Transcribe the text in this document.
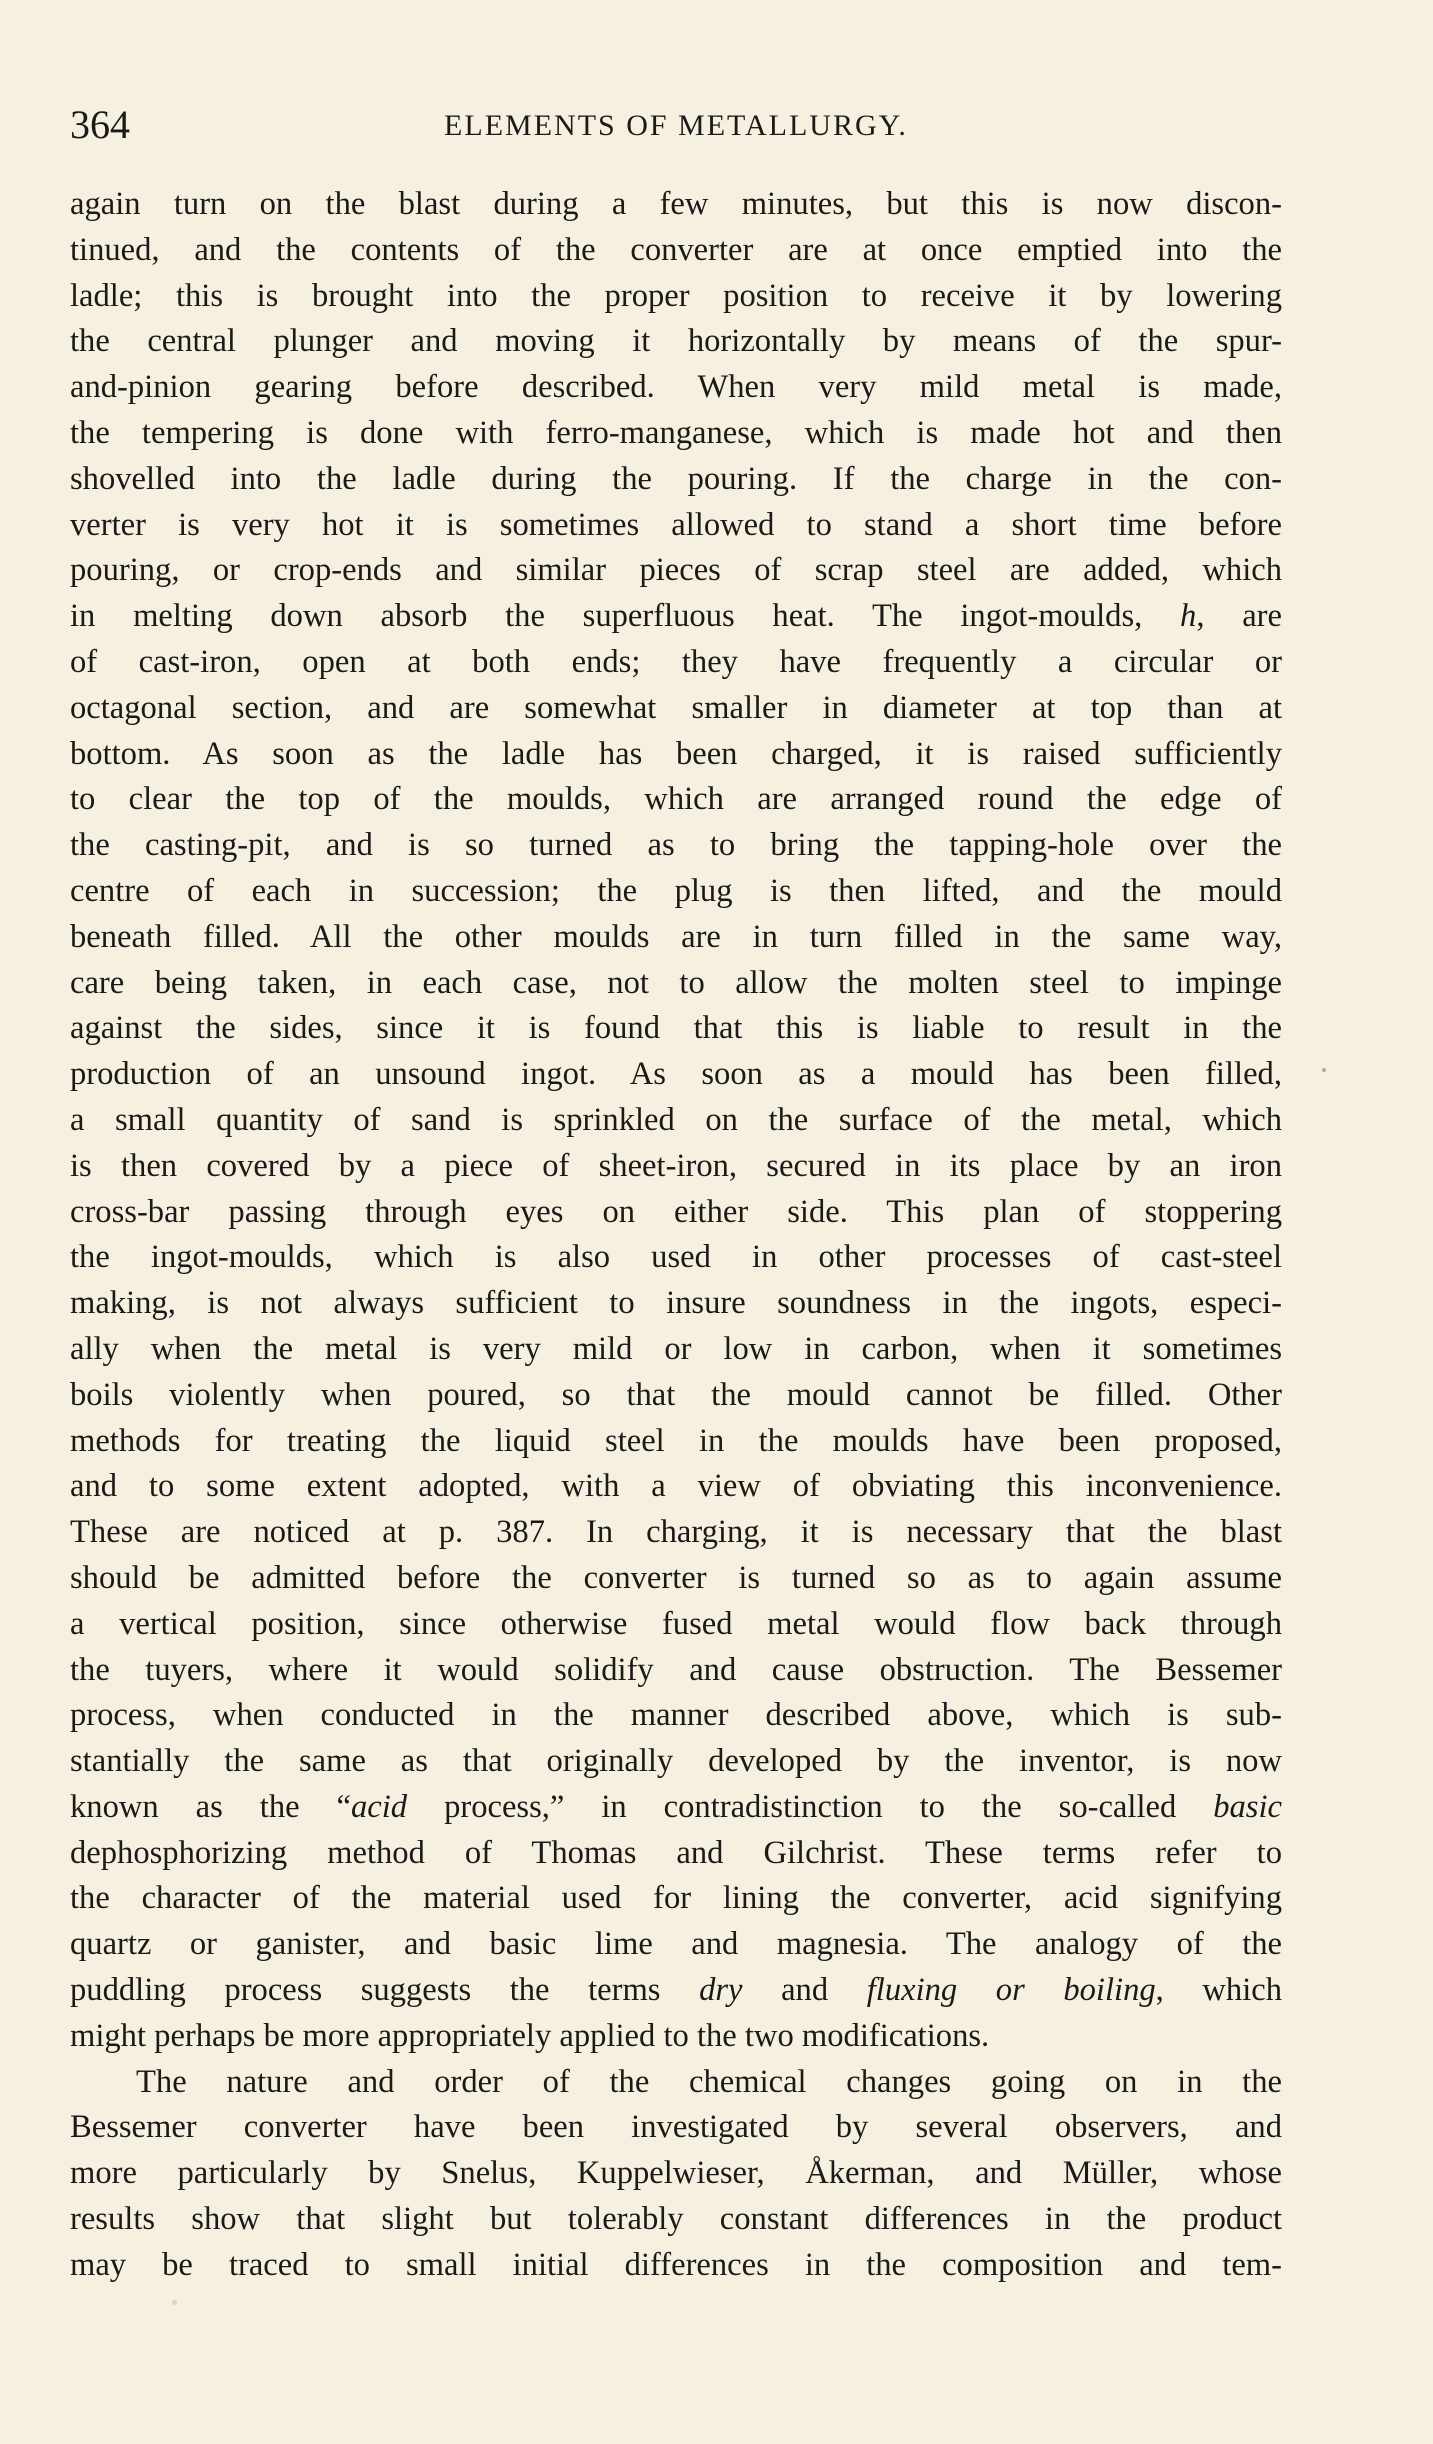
364	ELEMENTS OF METALLURGY.
again turn on the blast during a few minutes, but this is now discon-
tinued, and the contents of the converter are at once emptied into the
ladle; this is brought into the proper position to receive it by lowering
the central plunger and moving it horizontally by means of the spur-
and-pinion gearing before described. When very mild metal is made,
the tempering is done with ferro-manganese, which is made hot and then
shovelled into the ladle during the pouring. If the charge in the con-
verter is very hot it is sometimes allowed to stand a short time before
pouring, or crop-ends and similar pieces of scrap steel are added, which
in melting down absorb the superfluous heat. The ingot-moulds, h, are
of cast-iron, open at both ends; they have frequently a circular or
octagonal section, and are somewhat smaller in diameter at top than at
bottom. As soon as the ladle has been charged, it is raised sufficiently
to clear the top of the moulds, which are arranged round the edge of
the casting-pit, and is so turned as to bring the tapping-hole over the
centre of each in succession; the plug is then lifted, and the mould
beneath filled. All the other moulds are in turn filled in the same way,
care being taken, in each case, not to allow the molten steel to impinge
against the sides, since it is found that this is liable to result in the
production of an unsound ingot. As soon as a mould has been filled,
a small quantity of sand is sprinkled on the surface of the metal, which
is then covered by a piece of sheet-iron, secured in its place by an iron
cross-bar passing through eyes on either side. This plan of stoppering
the ingot-moulds, which is also used in other processes of cast-steel
making, is not always sufficient to insure soundness in the ingots, especi-
ally when the metal is very mild or low in carbon, when it sometimes
boils violently when poured, so that the mould cannot be filled. Other
methods for treating the liquid steel in the moulds have been proposed,
and to some extent adopted, with a view of obviating this inconvenience.
These are noticed at p. 387. In charging, it is necessary that the blast
should be admitted before the converter is turned so as to again assume
a vertical position, since otherwise fused metal would flow back through
the tuyers, where it would solidify and cause obstruction. The Bessemer
process, when conducted in the manner described above, which is sub-
stantially the same as that originally developed by the inventor, is now
known as the “acid process,” in contradistinction to the so-called basic
dephosphorizing method of Thomas and Gilchrist. These terms refer to
the character of the material used for lining the converter, acid signifying
quartz or ganister, and basic lime and magnesia. The analogy of the
puddling process suggests the terms dry and fluxing or boiling, which
might perhaps be more appropriately applied to the two modifications.
The nature and order of the chemical changes going on in the
Bessemer converter have been investigated by several observers, and
more particularly by Snelus, Kuppelwieser, Åkerman, and Müller, whose
results show that slight but tolerably constant differences in the product
may be traced to small initial differences in the composition and tem-
